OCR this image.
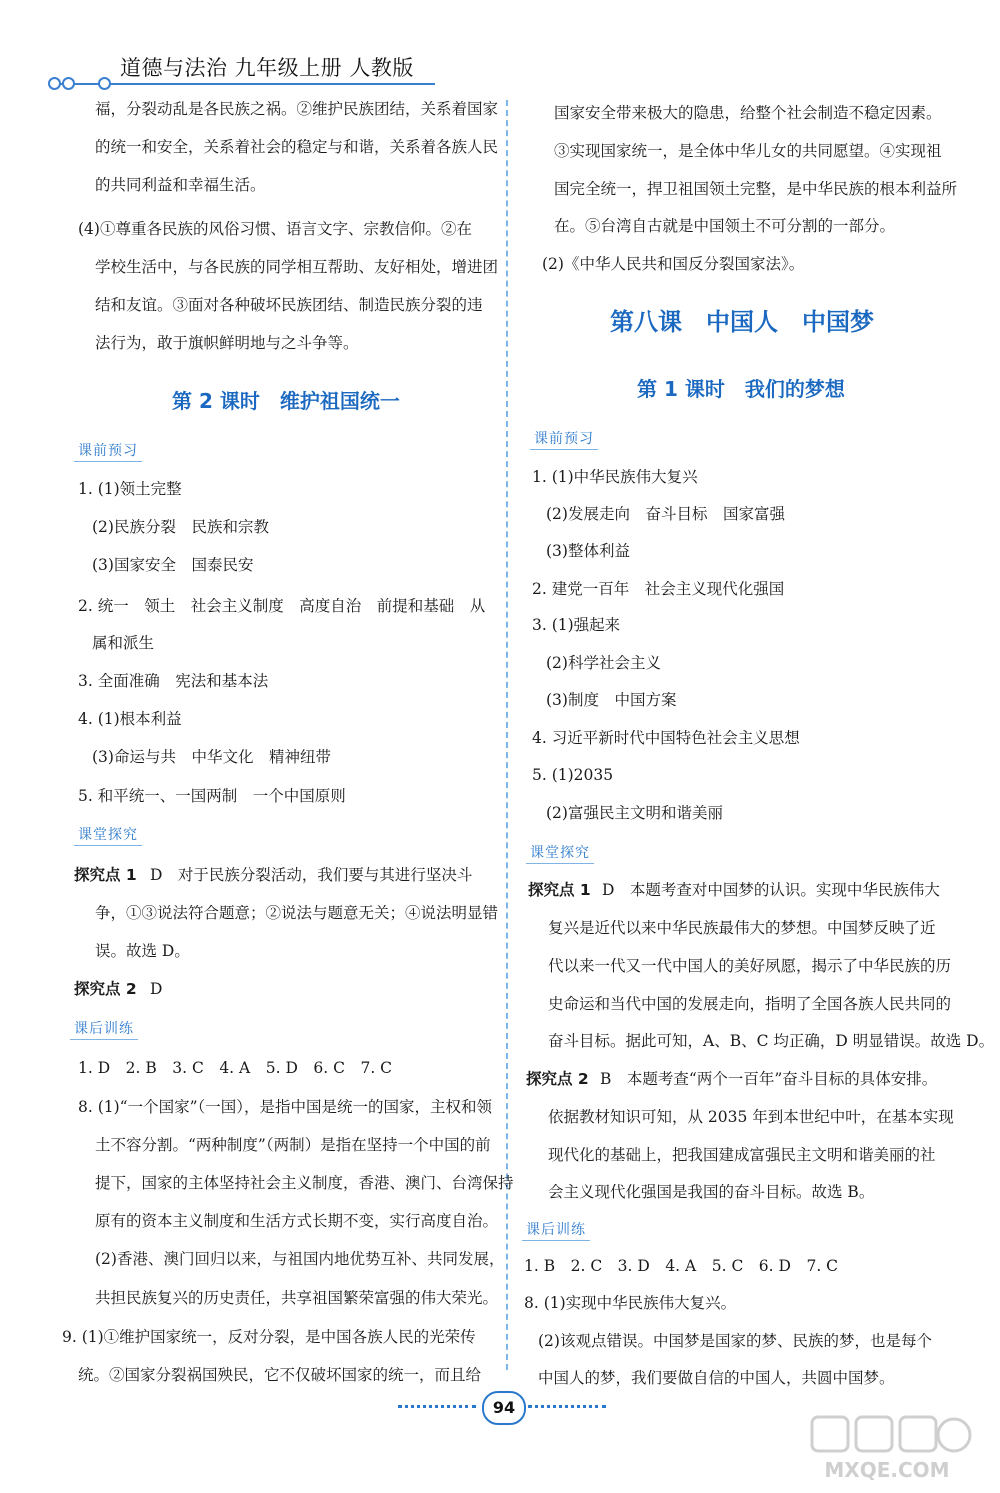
道德与法治 九年级上册 人教版
福，分裂动乱是各民族之祸。②维护民族团结，关系着国家
的统一和安全，关系着社会的稳定与和谐，关系着各族人民
的共同利益和幸福生活。
(4)①尊重各民族的风俗习惯、语言文字、宗教信仰。②在
学校生活中，与各民族的同学相互帮助、友好相处，增进团
结和友谊。③面对各种破坏民族团结、制造民族分裂的违
法行为，敢于旗帜鲜明地与之斗争等。
第 2 课时　维护祖国统一
课前预习
1. (1)领土完整
(2)民族分裂　民族和宗教
(3)国家安全　国泰民安
2. 统一　领土　社会主义制度　高度自治　前提和基础　从
属和派生
3. 全面准确　宪法和基本法
4. (1)根本利益
(3)命运与共　中华文化　精神纽带
5. 和平统一、一国两制　一个中国原则
课堂探究
探究点 1 D　对于民族分裂活动，我们要与其进行坚决斗
争，①③说法符合题意；②说法与题意无关；④说法明显错
误。故选 D。
探究点 2 D
课后训练
1. D　2. B　3. C　4. A　5. D　6. C　7. C
8. (1)“一个国家”（一国），是指中国是统一的国家，主权和领
土不容分割。“两种制度”（两制）是指在坚持一个中国的前
提下，国家的主体坚持社会主义制度，香港、澳门、台湾保持
原有的资本主义制度和生活方式长期不变，实行高度自治。
(2)香港、澳门回归以来，与祖国内地优势互补、共同发展，
共担民族复兴的历史责任，共享祖国繁荣富强的伟大荣光。
9. (1)①维护国家统一，反对分裂，是中国各族人民的光荣传
统。②国家分裂祸国殃民，它不仅破坏国家的统一，而且给
国家安全带来极大的隐患，给整个社会制造不稳定因素。
③实现国家统一，是全体中华儿女的共同愿望。④实现祖
国完全统一，捍卫祖国领土完整，是中华民族的根本利益所
在。⑤台湾自古就是中国领土不可分割的一部分。
(2)《中华人民共和国反分裂国家法》。
第八课　中国人　中国梦
第 1 课时　我们的梦想
课前预习
1. (1)中华民族伟大复兴
(2)发展走向　奋斗目标　国家富强
(3)整体利益
2. 建党一百年　社会主义现代化强国
3. (1)强起来
(2)科学社会主义
(3)制度　中国方案
4. 习近平新时代中国特色社会主义思想
5. (1)2035
(2)富强民主文明和谐美丽
课堂探究
探究点 1 D　本题考查对中国梦的认识。实现中华民族伟大
复兴是近代以来中华民族最伟大的梦想。中国梦反映了近
代以来一代又一代中国人的美好夙愿，揭示了中华民族的历
史命运和当代中国的发展走向，指明了全国各族人民共同的
奋斗目标。据此可知，A、B、C 均正确，D 明显错误。故选 D。
探究点 2 B　本题考查“两个一百年”奋斗目标的具体安排。
依据教材知识可知，从 2035 年到本世纪中叶，在基本实现
现代化的基础上，把我国建成富强民主文明和谐美丽的社
会主义现代化强国是我国的奋斗目标。故选 B。
课后训练
1. B　2. C　3. D　4. A　5. C　6. D　7. C
8. (1)实现中华民族伟大复兴。
(2)该观点错误。中国梦是国家的梦、民族的梦，也是每个
中国人的梦，我们要做自信的中国人，共圆中国梦。
94
MXQE.COM
